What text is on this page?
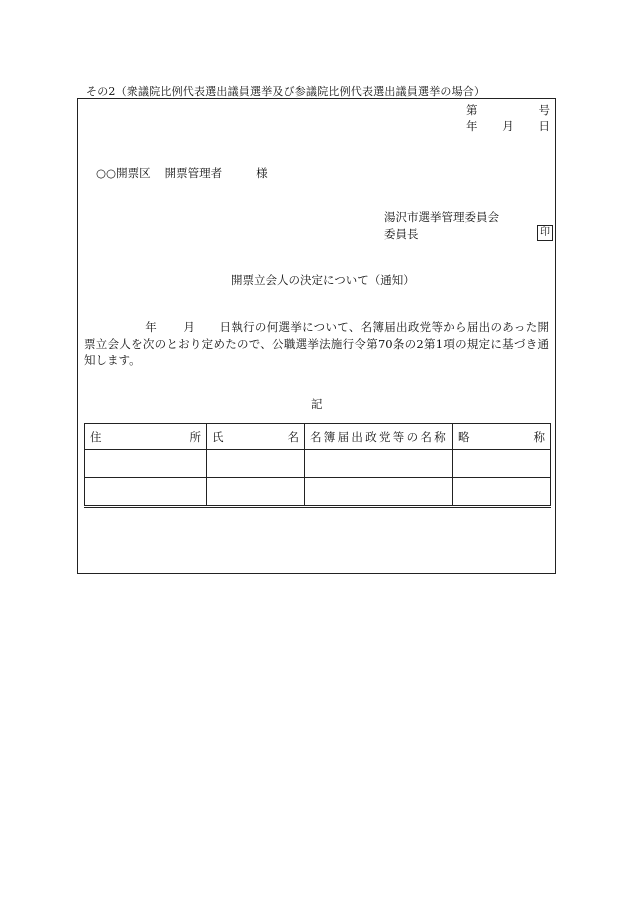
その2（衆議院比例代表選出議員選挙及び参議院比例代表選出議員選挙の場合）
第	号
年 月 日
○○開票区 開票管理者	様
湯沢市選挙管理委員会
委員長	印
開票立会人の決定について（通知）
年 月 日執行の何選挙について、名簿届出政党等から届出のあった開票立会人を次のとおり定めたので、公職選挙法施行令第70条の2第1項の規定に基づき通知します。
記
住 所	氏 名	名簿届出政党等の名称	略 称
